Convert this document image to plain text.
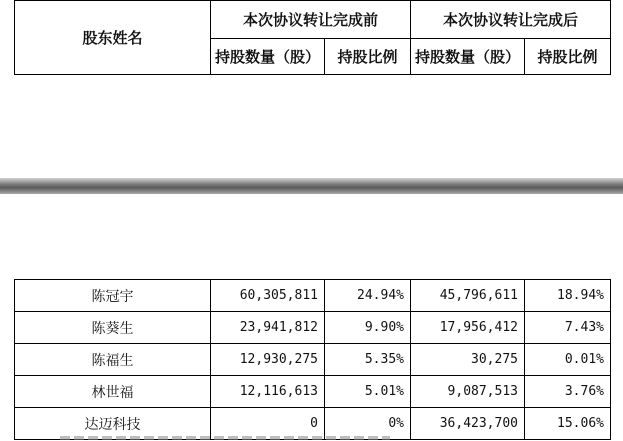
股东姓名	本次协议转让完成前		本次协议转让完成后	
	持股数量（股）	持股比例	持股数量（股）	持股比例
陈冠宇	60,305,811	24.94%	45,796,611	18.94%
陈葵生	23,941,812	9.90%	17,956,412	7.43%
陈福生	12,930,275	5.35%	30,275	0.01%
林世福	12,116,613	5.01%	9,087,513	3.76%
达迈科技	0	0%	36,423,700	15.06%
